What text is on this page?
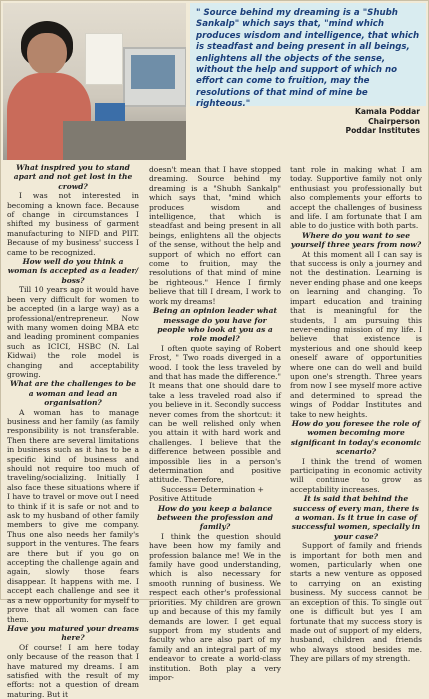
" Source behind my dreaming is a "Shubh Sankalp" which says that, "mind which produces wisdom and intelligence, that which is steadfast and being present in all beings, enlightens all the objects of the sense, without the help and support of which no effort can come to fruition, may the resolutions of that mind of mine be righteous."

Kamala Poddar
Chairperson
Poddar Institutes

What inspired you to stand apart and not get lost in the crowd?

I was not interested in becoming a known face. Because of change in circumstances I shifted my business of garment manufacturing to NIFD and PIIT. Because of my business' success I came to be recognized.

How well do you think a woman is accepted as a leader/ boss?

Till 10 years ago it would have been very difficult for women to be accepted (in a large way) as a professional/entrepreneur. Now with many women doing MBA etc and leading prominent companies such as ICICI, HSBC (N. Lal Kidwai) the role model is changing and acceptability growing.

What are the challenges to be a woman and lead an organisation?

A woman has to manage business and her family (as family responsibility is not transferable. Then there are several limitations in business such as it has to be a specific kind of business and should not require too much of traveling/socializing. Initially I also face these situations where if I have to travel or move out I need to think if it is safe or not and to ask to my husband of other family members to give me company. Thus one also needs her family's support in the ventures. The fears are there but if you go on accepting the challenge again and again, slowly those fears disappear. It happens with me. I accept each challenge and see it as a new opportunity for myself to prove that all women can face them.

Have you matured your dreams here?

Of course! I am here today only because of the reason that I have matured my dreams. I am satisfied with the result of my efforts: not a question of dream maturing. But it

doesn't mean that I have stopped dreaming. Source behind my dreaming is a "Shubh Sankalp" which says that, "mind which produces wisdom and intelligence, that which is steadfast and being present in all beings, enlightens all the objects of the sense, without the help and support of which no effort can come to fruition, may the resolutions of that mind of mine be righteous." Hence I firmly believe that till I dream, I work to work my dreams!

Being an opinion leader what message do you have for people who look at you as a role model?

I often quote saying of Robert Frost, " Two roads diverged in a wood. I took the less traveled by and that has made the difference." It means that one should dare to take a less traveled road also if you believe in it. Secondly success never comes from the shortcut: it can be well relished only when you attain it with hard work and challenges. I believe that the difference between possible and impossible lies in a person's determination and positive attitude. Therefore,

Success= Determination +

Positive Attitude

How do you keep a balance between the profession and family?

I think the question should have been how my family and profession balance me! We in the family have good understanding, which is also necessary for smooth running of business. We respect each other's professional priorities. My children are grown up and because of this my family demands are lower. I get equal support from my students and faculty who are also part of my family and an integral part of my endeavor to create a world-class institution. Both play a very impor-

tant role in making what I am today. Supportive family not only enthusiast you professionally but also complements your efforts to accept the challenges of business and life. I am fortunate that I am able to do justice with both parts.

Where do you want to see yourself three years from now?

At this moment all I can say is that success is only a journey and not the destination. Learning is never ending phase and one keeps on learning and changing. To impart education and training that is meaningful for the students, I am pursuing this never-ending mission of my life. I believe that existence is mysterious and one should keep oneself aware of opportunities where one can do well and build upon one's strength. Three years from now I see myself more active and determined to spread the wings of Poddar Institutes and take to new heights.

How do you foresee the role of women becoming more significant in today's economic scenario?

I think the trend of women participating in economic activity will continue to grow as acceptability increases.

It is said that behind the success of every man, there is a woman. Is it true in case of successful women, specially in your case?

Support of family and friends is important for both men and women, particularly when one starts a new venture as opposed to carrying on an existing business. My success cannot be an exception of this. To single out one is difficult but yes I am fortunate that my success story is made out of support of my elders, husband, children and friends who always stood besides me. They are pillars of my strength.
